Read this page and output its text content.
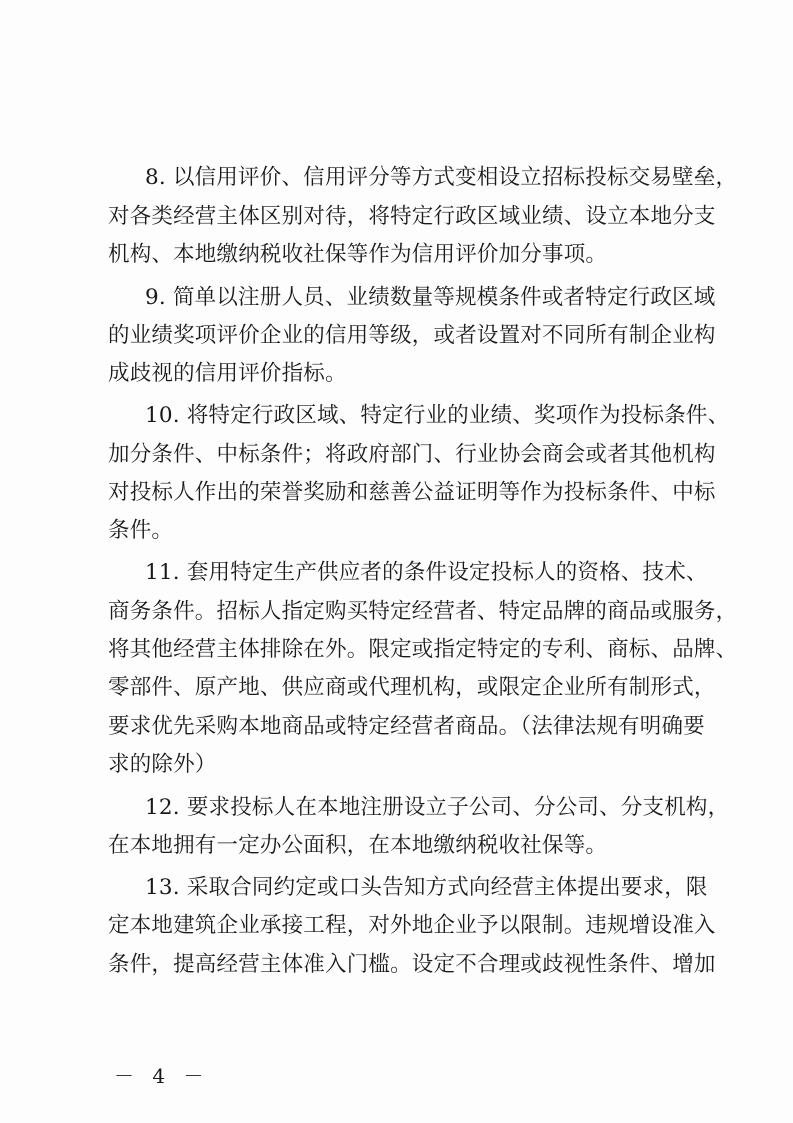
8. 以信用评价、信用评分等方式变相设立招标投标交易壁垒，
对各类经营主体区别对待，将特定行政区域业绩、设立本地分支
机构、本地缴纳税收社保等作为信用评价加分事项。
9. 简单以注册人员、业绩数量等规模条件或者特定行政区域
的业绩奖项评价企业的信用等级，或者设置对不同所有制企业构
成歧视的信用评价指标。
10. 将特定行政区域、特定行业的业绩、奖项作为投标条件、
加分条件、中标条件；将政府部门、行业协会商会或者其他机构
对投标人作出的荣誉奖励和慈善公益证明等作为投标条件、中标
条件。
11. 套用特定生产供应者的条件设定投标人的资格、技术、
商务条件。招标人指定购买特定经营者、特定品牌的商品或服务，
将其他经营主体排除在外。限定或指定特定的专利、商标、品牌、
零部件、原产地、供应商或代理机构，或限定企业所有制形式，
要求优先采购本地商品或特定经营者商品。（法律法规有明确要
求的除外）
12. 要求投标人在本地注册设立子公司、分公司、分支机构，
在本地拥有一定办公面积，在本地缴纳税收社保等。
13. 采取合同约定或口头告知方式向经营主体提出要求，限
定本地建筑企业承接工程，对外地企业予以限制。违规增设准入
条件，提高经营主体准入门槛。设定不合理或歧视性条件、增加
－ 4 －
